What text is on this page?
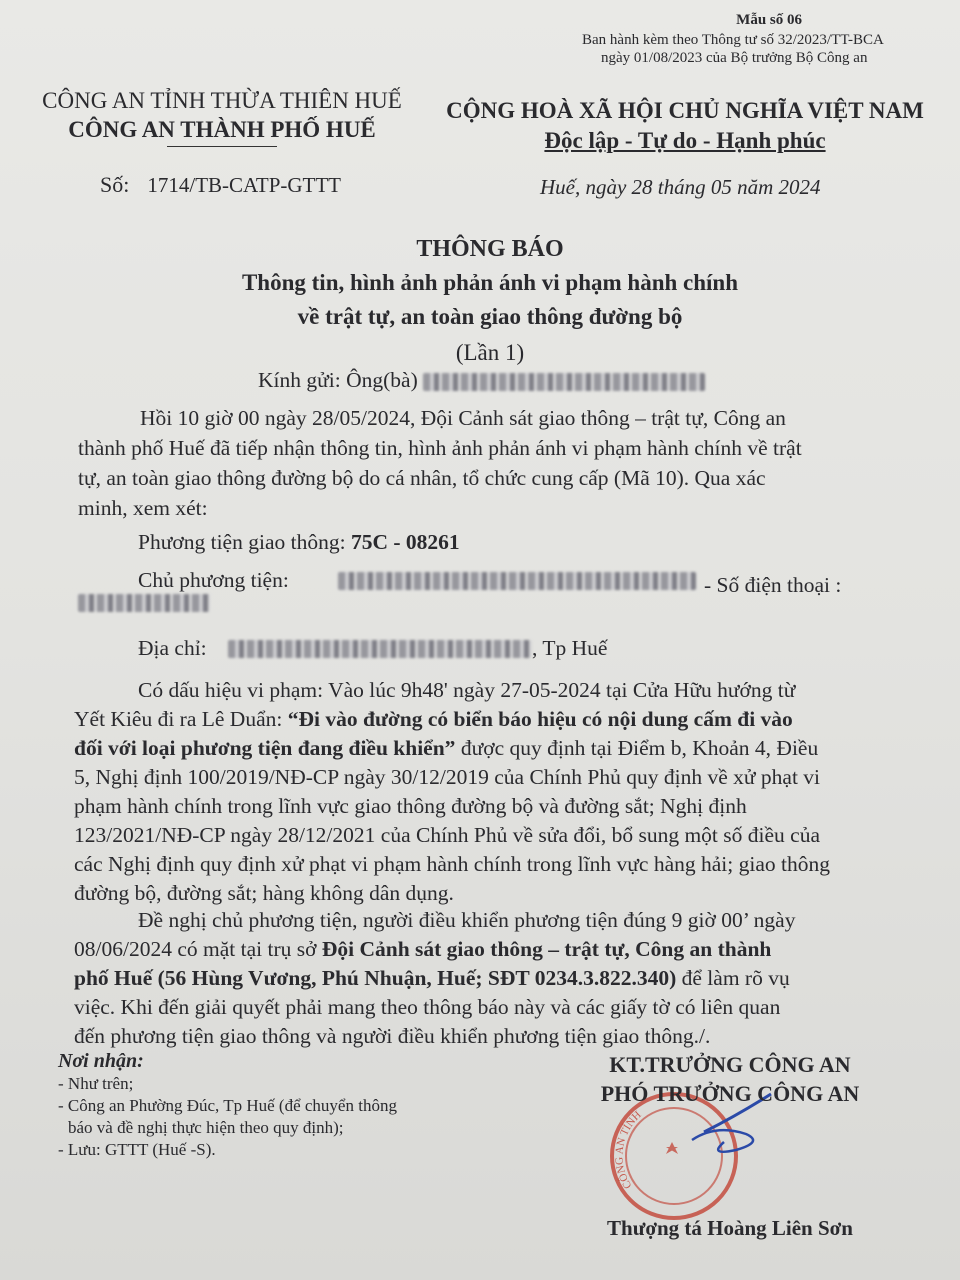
Mẫu số 06
Ban hành kèm theo Thông tư số 32/2023/TT-BCA
ngày 01/08/2023 của Bộ trưởng Bộ Công an
CÔNG AN TỈNH THỪA THIÊN HUẾ
CÔNG AN THÀNH PHỐ HUẾ
CỘNG HOÀ XÃ HỘI CHỦ NGHĨA VIỆT NAM
Độc lập - Tự do - Hạnh phúc
Số: 1714/TB-CATP-GTTT	Huế, ngày 28 tháng 05 năm 2024
THÔNG BÁO
Thông tin, hình ảnh phản ánh vi phạm hành chính
về trật tự, an toàn giao thông đường bộ
(Lần 1)
Kính gửi: Ông(bà)
Hồi 10 giờ 00 ngày 28/05/2024, Đội Cảnh sát giao thông – trật tự, Công an
thành phố Huế đã tiếp nhận thông tin, hình ảnh phản ánh vi phạm hành chính về trật
tự, an toàn giao thông đường bộ do cá nhân, tổ chức cung cấp (Mã 10). Qua xác
minh, xem xét:
Phương tiện giao thông: 75C - 08261
Chủ phương tiện:	- Số điện thoại :
Địa chỉ:	, Tp Huế
Có dấu hiệu vi phạm: Vào lúc 9h48' ngày 27-05-2024 tại Cửa Hữu hướng từ
Yết Kiêu đi ra Lê Duẩn: “Đi vào đường có biển báo hiệu có nội dung cấm đi vào
đối với loại phương tiện đang điều khiển” được quy định tại Điểm b, Khoản 4, Điều
5, Nghị định 100/2019/NĐ-CP ngày 30/12/2019 của Chính Phủ quy định về xử phạt vi
phạm hành chính trong lĩnh vực giao thông đường bộ và đường sắt; Nghị định
123/2021/NĐ-CP ngày 28/12/2021 của Chính Phủ về sửa đổi, bổ sung một số điều của
các Nghị định quy định xử phạt vi phạm hành chính trong lĩnh vực hàng hải; giao thông
đường bộ, đường sắt; hàng không dân dụng.
Đề nghị chủ phương tiện, người điều khiển phương tiện đúng 9 giờ 00’ ngày
08/06/2024 có mặt tại trụ sở Đội Cảnh sát giao thông – trật tự, Công an thành
phố Huế (56 Hùng Vương, Phú Nhuận, Huế; SĐT 0234.3.822.340) để làm rõ vụ
việc. Khi đến giải quyết phải mang theo thông báo này và các giấy tờ có liên quan
đến phương tiện giao thông và người điều khiển phương tiện giao thông./.
Nơi nhận:
- Như trên;
- Công an Phường Đúc, Tp Huế (để chuyển thông
báo và đề nghị thực hiện theo quy định);
- Lưu: GTTT (Huế -S).
CÔNG AN TỈNH
KT.TRƯỞNG CÔNG AN
PHÓ TRƯỞNG CÔNG AN
Thượng tá Hoàng Liên Sơn
